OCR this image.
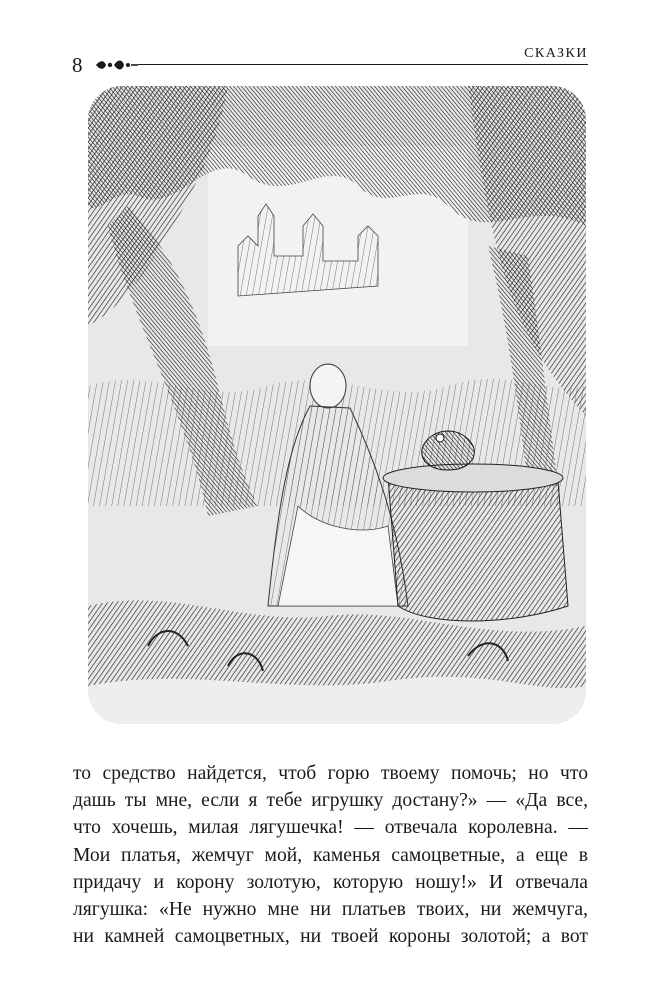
8	СКАЗКИ
то средство найдется, чтоб горю твоему помочь; но что
дашь ты мне, если я тебе игрушку достану?» — «Да все,
что хочешь, милая лягушечка! — отвечала королевна. —
Мои платья, жемчуг мой, каменья самоцветные, а еще в
придачу и корону золотую, которую ношу!» И отвечала
лягушка: «Не нужно мне ни платьев твоих, ни жемчуга,
ни камней самоцветных, ни твоей короны золотой; а вот
